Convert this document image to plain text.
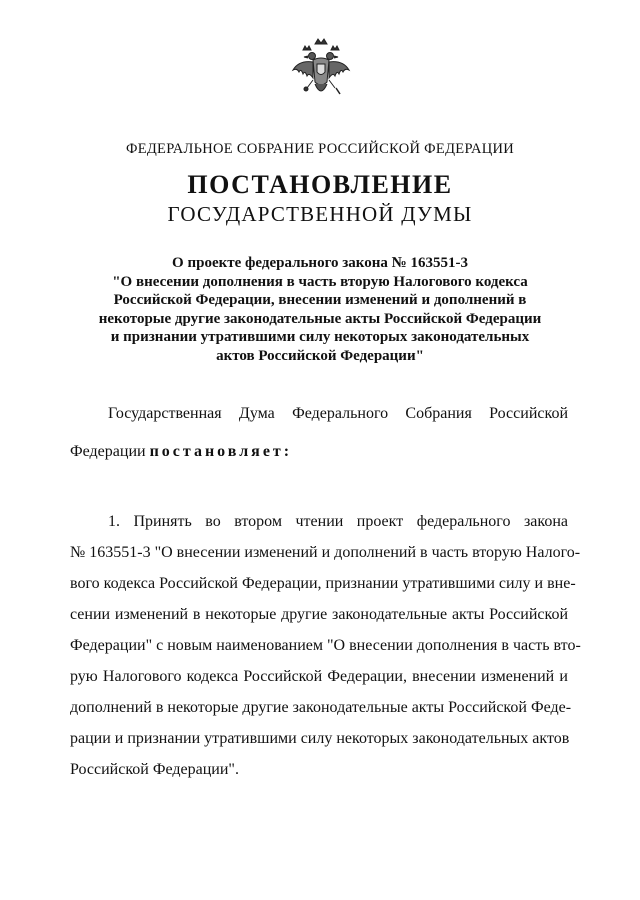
ФЕДЕРАЛЬНОЕ СОБРАНИЕ РОССИЙСКОЙ ФЕДЕРАЦИИ
ПОСТАНОВЛЕНИЕ
ГОСУДАРСТВЕННОЙ ДУМЫ
О проекте федерального закона № 163551-3
"О внесении дополнения в часть вторую Налогового кодекса
Российской Федерации, внесении изменений и дополнений в
некоторые другие законодательные акты Российской Федерации
и признании утратившими силу некоторых законодательных
актов Российской Федерации"
Государственная Дума Федерального Собрания Российской
Федерации постановляет:
1. Принять во втором чтении проект федерального закона
№ 163551-3 "О внесении изменений и дополнений в часть вторую Налого-
вого кодекса Российской Федерации, признании утратившими силу и вне-
сении изменений в некоторые другие законодательные акты Российской
Федерации" с новым наименованием "О внесении дополнения в часть вто-
рую Налогового кодекса Российской Федерации, внесении изменений и
дополнений в некоторые другие законодательные акты Российской Феде-
рации и признании утратившими силу некоторых законодательных актов
Российской Федерации".
